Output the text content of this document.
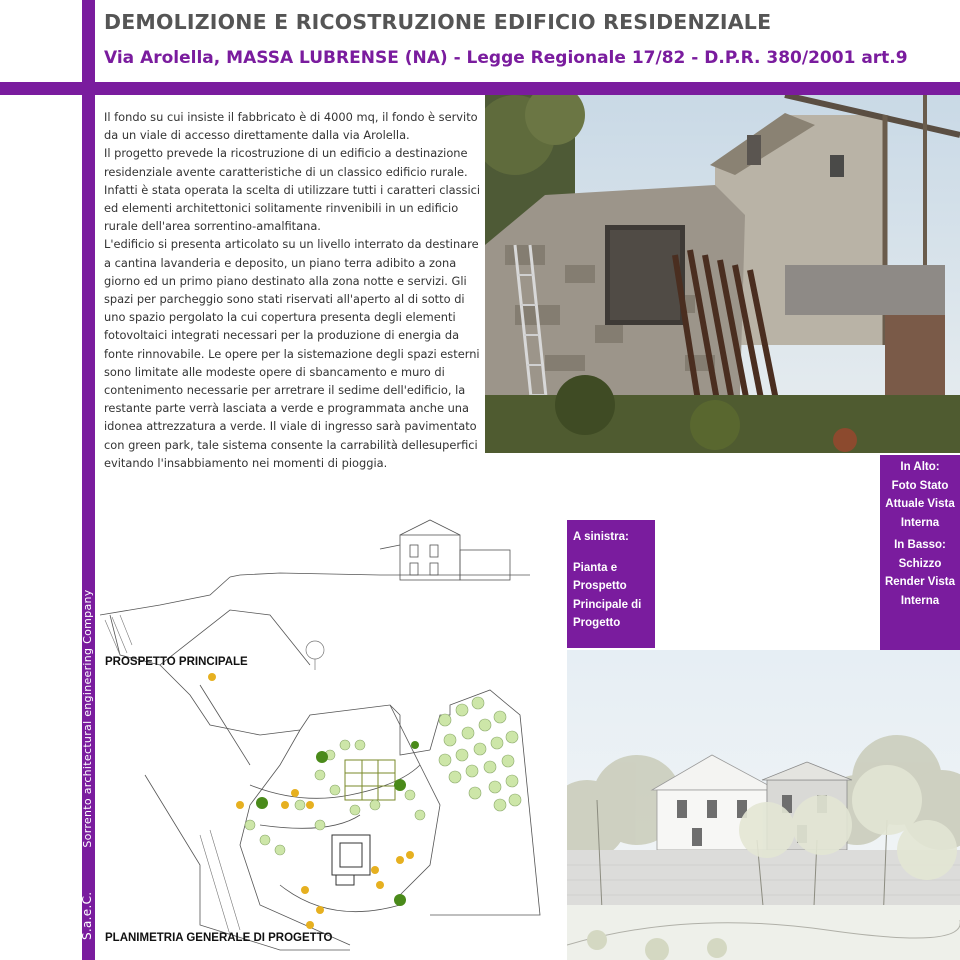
DEMOLIZIONE E RICOSTRUZIONE EDIFICIO RESIDENZIALE
Via Arolella, MASSA LUBRENSE (NA) - Legge Regionale 17/82 - D.P.R. 380/2001 art.9
S.a.e.C.Sorrento architectural engineering Company

Il fondo su cui insiste il fabbricato è di 4000 mq, il fondo è servito da un viale di accesso direttamente dalla via Arolella.

Il progetto prevede la ricostruzione di un edificio a destinazione residenziale avente caratteristiche di un classico edificio rurale. Infatti è stata operata la scelta di utilizzare tutti i caratteri classici ed elementi architettonici solitamente rinvenibili in un edificio rurale dell'area sorrentino-amalfitana.

L'edificio si presenta articolato su un livello interrato da destinare a cantina lavanderia e deposito, un piano terra adibito a zona giorno ed un primo piano destinato alla zona notte e servizi. Gli spazi per parcheggio sono stati riservati all'aperto al di sotto di uno spazio pergolato la cui copertura presenta degli elementi fotovoltaici integrati necessari per la produzione di energia da fonte rinnovabile. Le opere per la sistemazione degli spazi esterni sono limitate alle modeste opere di sbancamento e muro di contenimento necessarie per arretrare il sedime dell'edificio, la restante parte verrà lasciata a verde e programmata anche una idonea attrezzatura a verde. Il viale di ingresso sarà pavimentato con green park, tale sistema consente la carrabilità dellesuperfici evitando l'insabbiamento nei momenti di pioggia.

A sinistra:
Pianta e Prospetto Principale di Progetto
In Alto:
Foto Stato Attuale Vista Interna
In Basso:
Schizzo Render Vista Interna
PROSPETTO PRINCIPALE
PLANIMETRIA GENERALE DI PROGETTO
